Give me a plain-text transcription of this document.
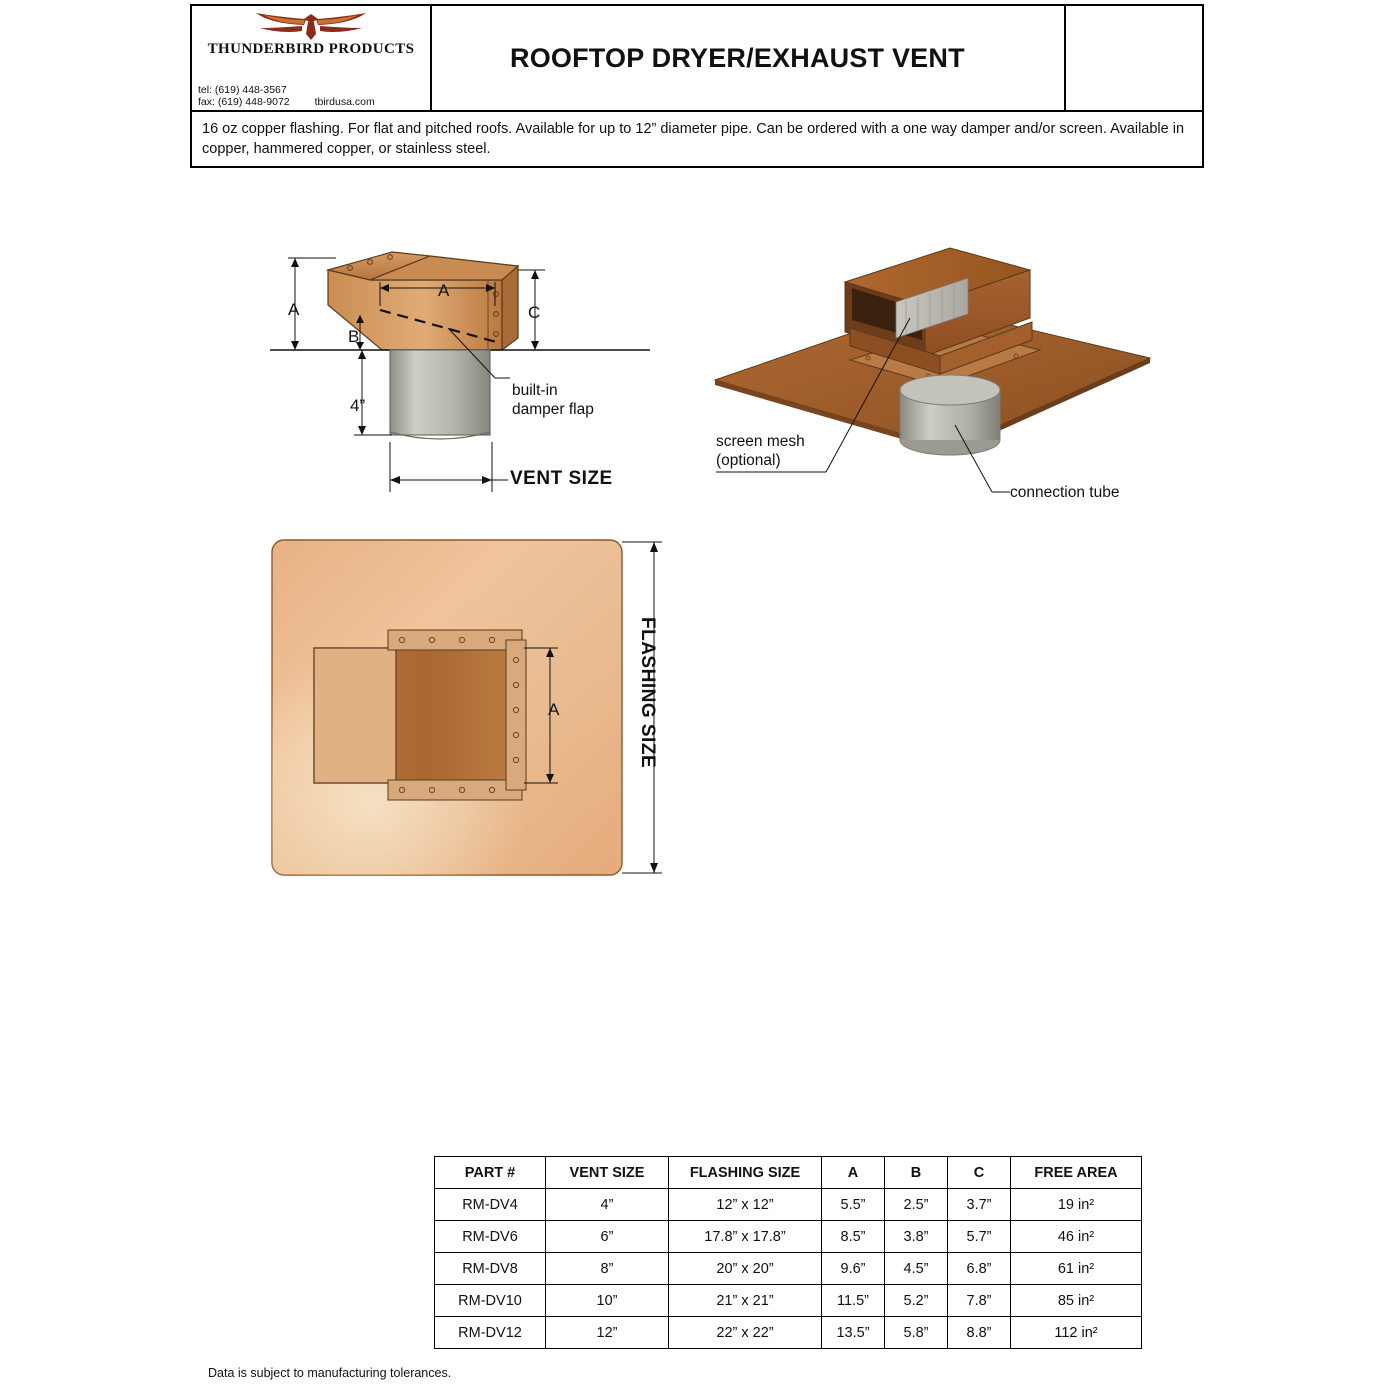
THUNDERBIRD PRODUCTS
tel: (619) 448-3567
fax: (619) 448-9072 tbirdusa.com
ROOFTOP DRYER/EXHAUST VENT

16 oz copper flashing. For flat and pitched roofs. Available for up to 12” diameter pipe. Can be ordered with a one way damper and/or screen. Available in copper, hammered copper, or stainless steel.

A
B
A
C
4”
VENT SIZE
built-in
damper flap
screen mesh
(optional)
connection tube
A	FLASHING SIZE
PART #	VENT SIZE	FLASHING SIZE	A	B	C	FREE AREA
RM-DV4	4”	12” x 12”	5.5”	2.5”	3.7”	19 in²
RM-DV6	6”	17.8” x 17.8”	8.5”	3.8”	5.7”	46 in²
RM-DV8	8”	20” x 20”	9.6”	4.5”	6.8”	61 in²
RM-DV10	10”	21” x 21”	11.5”	5.2”	7.8”	85 in²
RM-DV12	12”	22” x 22”	13.5”	5.8”	8.8”	112 in²
Data is subject to manufacturing tolerances.
